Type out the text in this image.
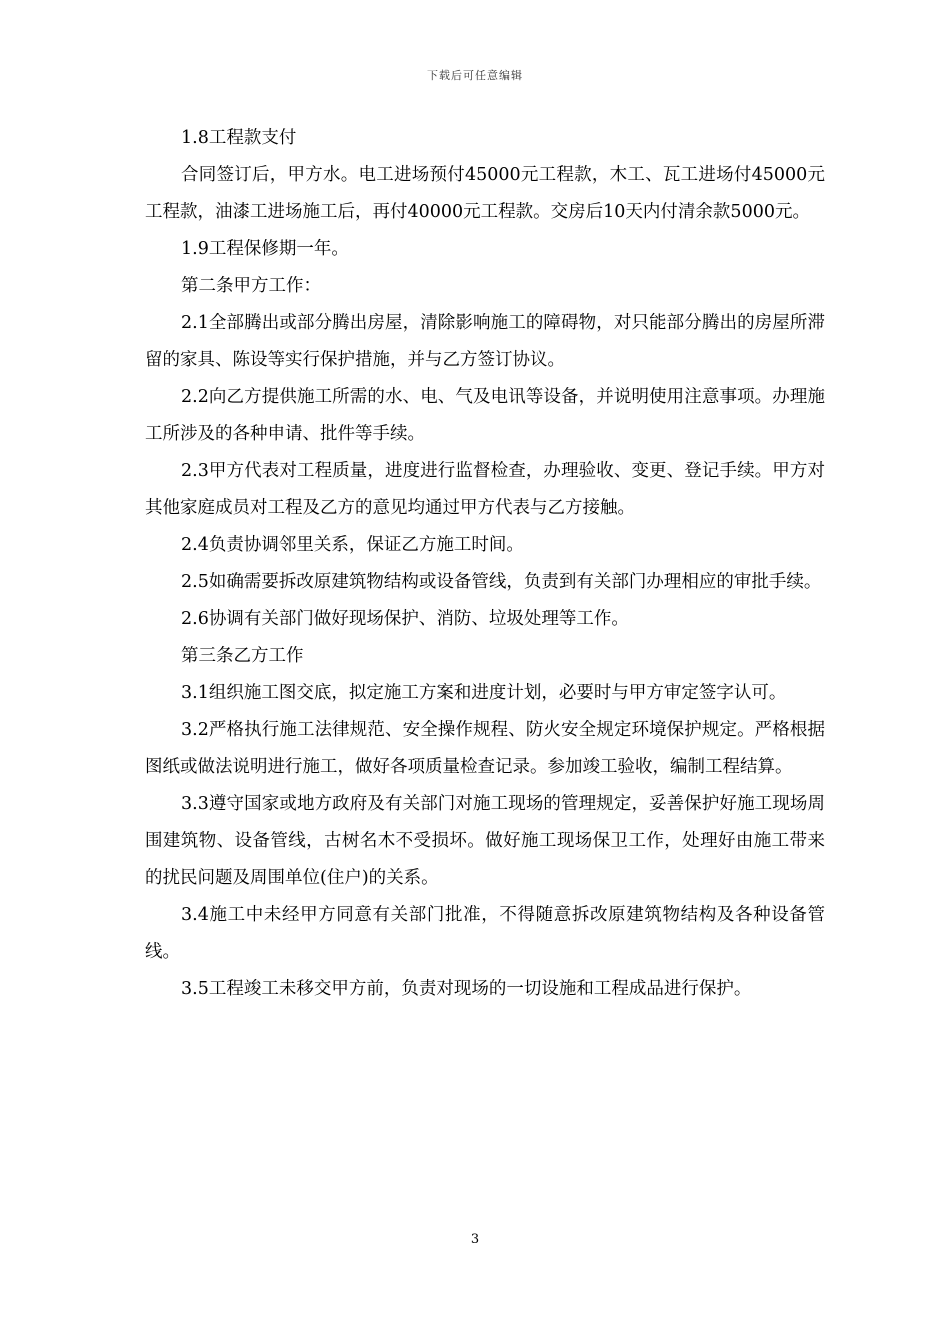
下载后可任意编辑

1.8工程款支付

合同签订后，甲方水。电工进场预付45000元工程款，木工、瓦工进场付45000元工程款，油漆工进场施工后，再付40000元工程款。交房后10天内付清余款5000元。

1.9工程保修期一年。

第二条甲方工作：

2.1全部腾出或部分腾出房屋，清除影响施工的障碍物，对只能部分腾出的房屋所滞留的家具、陈设等实行保护措施，并与乙方签订协议。

2.2向乙方提供施工所需的水、电、气及电讯等设备，并说明使用注意事项。办理施工所涉及的各种申请、批件等手续。

2.3甲方代表对工程质量，进度进行监督检查，办理验收、变更、登记手续。甲方对其他家庭成员对工程及乙方的意见均通过甲方代表与乙方接触。

2.4负责协调邻里关系，保证乙方施工时间。

2.5如确需要拆改原建筑物结构或设备管线，负责到有关部门办理相应的审批手续。

2.6协调有关部门做好现场保护、消防、垃圾处理等工作。

第三条乙方工作

3.1组织施工图交底，拟定施工方案和进度计划，必要时与甲方审定签字认可。

3.2严格执行施工法律规范、安全操作规程、防火安全规定环境保护规定。严格根据图纸或做法说明进行施工，做好各项质量检查记录。参加竣工验收，编制工程结算。

3.3遵守国家或地方政府及有关部门对施工现场的管理规定，妥善保护好施工现场周围建筑物、设备管线，古树名木不受损坏。做好施工现场保卫工作，处理好由施工带来的扰民问题及周围单位(住户)的关系。

3.4施工中未经甲方同意有关部门批准，不得随意拆改原建筑物结构及各种设备管线。

3.5工程竣工未移交甲方前，负责对现场的一切设施和工程成品进行保护。

3
